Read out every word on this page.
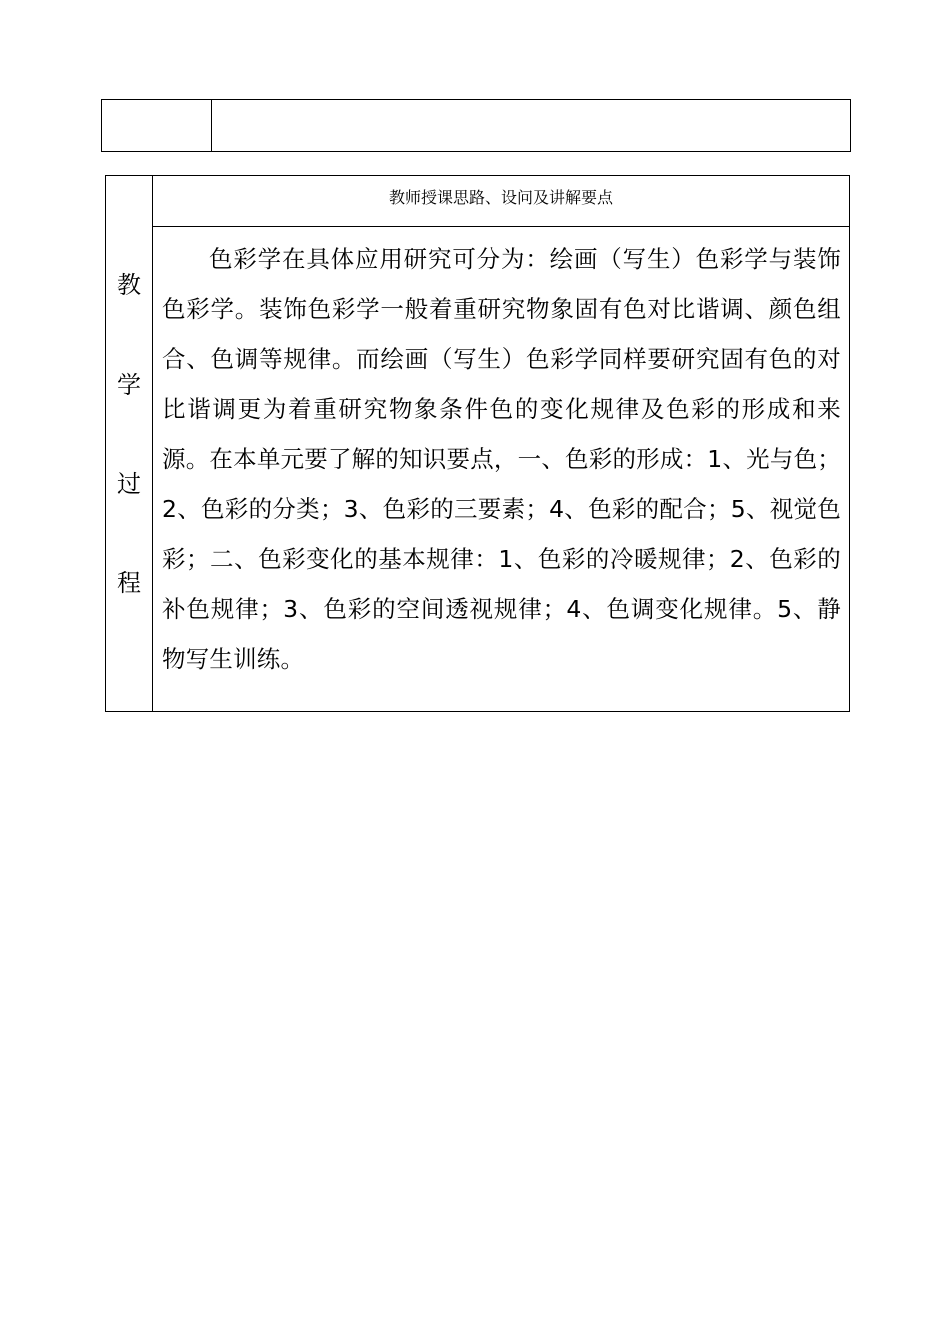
教
学
过
程
教师授课思路、设问及讲解要点
色彩学在具体应用研究可分为：绘画（写生）色彩学与装饰色彩学。装饰色彩学一般着重研究物象固有色对比谐调、颜色组合、色调等规律。而绘画（写生）色彩学同样要研究固有色的对比谐调更为着重研究物象条件色的变化规律及色彩的形成和来源。在本单元要了解的知识要点，一、色彩的形成：1、光与色；2、色彩的分类；3、色彩的三要素；4、色彩的配合；5、视觉色彩；二、色彩变化的基本规律：1、色彩的冷暖规律；2、色彩的补色规律；3、色彩的空间透视规律；4、色调变化规律。5、静物写生训练。
